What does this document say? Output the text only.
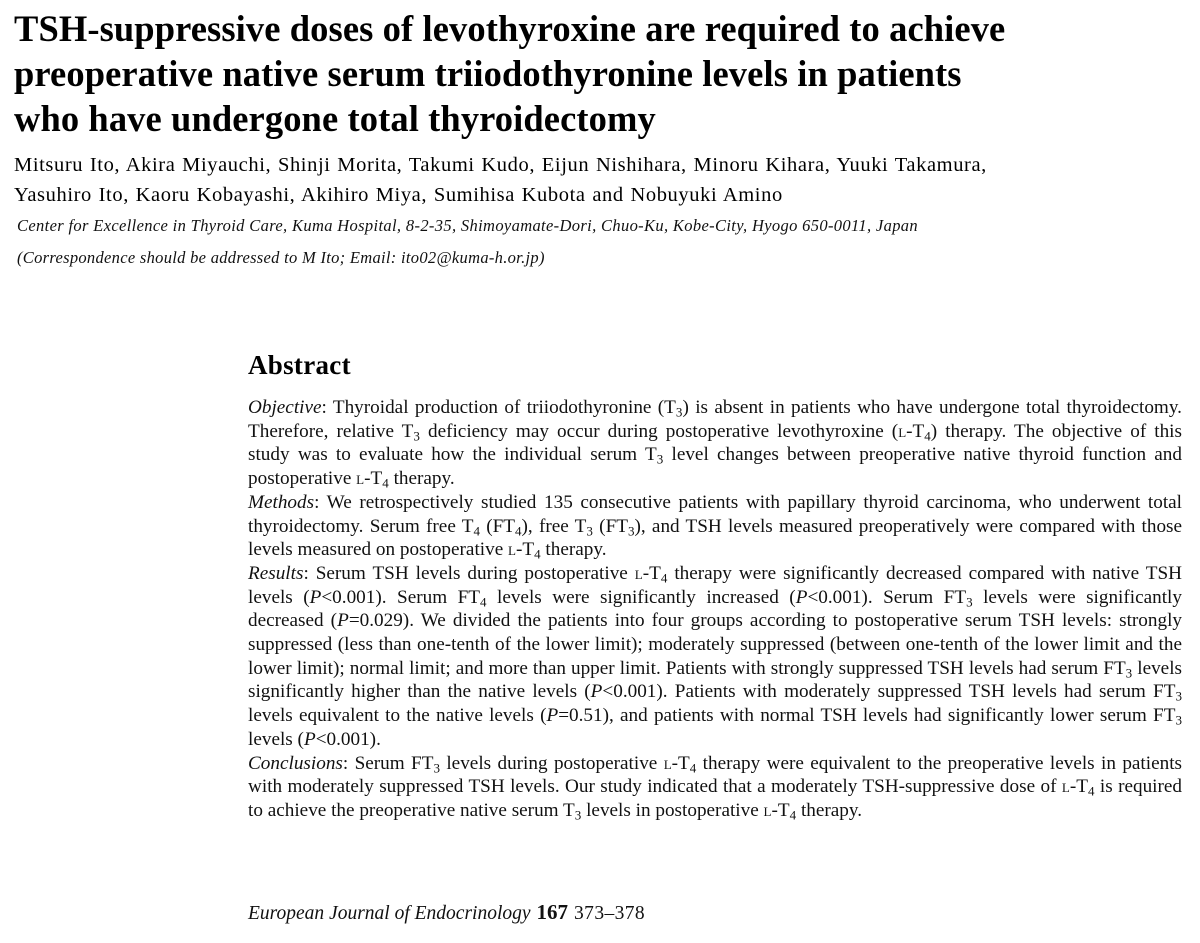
TSH-suppressive doses of levothyroxine are required to achieve
preoperative native serum triiodothyronine levels in patients
who have undergone total thyroidectomy
Mitsuru Ito, Akira Miyauchi, Shinji Morita, Takumi Kudo, Eijun Nishihara, Minoru Kihara, Yuuki Takamura,
Yasuhiro Ito, Kaoru Kobayashi, Akihiro Miya, Sumihisa Kubota and Nobuyuki Amino
Center for Excellence in Thyroid Care, Kuma Hospital, 8-2-35, Shimoyamate-Dori, Chuo-Ku, Kobe-City, Hyogo 650-0011, Japan
(Correspondence should be addressed to M Ito; Email: ito02@kuma-h.or.jp)
Abstract

Objective: Thyroidal production of triiodothyronine $(T_3)$ is absent in patients who have undergone total thyroidectomy. Therefore, relative $T_3$ deficiency may occur during postoperative levothyroxine $(l-T_4)$ therapy. The objective of this study was to evaluate how the individual serum $T_3$ level changes between preoperative native thyroid function and postoperative $l-T_4$ therapy.

Methods: We retrospectively studied 135 consecutive patients with papillary thyroid carcinoma, who underwent total thyroidectomy. Serum free $T_4$ $(FT_4)$, free $T_3$ $(FT_3)$, and TSH levels measured preoperatively were compared with those levels measured on postoperative $l-T_4$ therapy.

Results: Serum TSH levels during postoperative $l-T_4$ therapy were significantly decreased compared with native TSH levels (P<0.001). Serum $FT_4$ levels were significantly increased (P<0.001). Serum $FT_3$ levels were significantly decreased (P=0.029). We divided the patients into four groups according to postoperative serum TSH levels: strongly suppressed (less than one-tenth of the lower limit); moderately suppressed (between one-tenth of the lower limit and the lower limit); normal limit; and more than upper limit. Patients with strongly suppressed TSH levels had serum $FT_3$ levels significantly higher than the native levels (P<0.001). Patients with moderately suppressed TSH levels had serum $FT_3$ levels equivalent to the native levels (P=0.51), and patients with normal TSH levels had significantly lower serum $FT_3$ levels (P<0.001).

Conclusions: Serum $FT_3$ levels during postoperative $l-T_4$ therapy were equivalent to the preoperative levels in patients with moderately suppressed TSH levels. Our study indicated that a moderately TSH-suppressive dose of $l-T_4$ is required to achieve the preoperative native serum $T_3$ levels in postoperative $l-T_4$ therapy.

European Journal of Endocrinology 167 373–378
